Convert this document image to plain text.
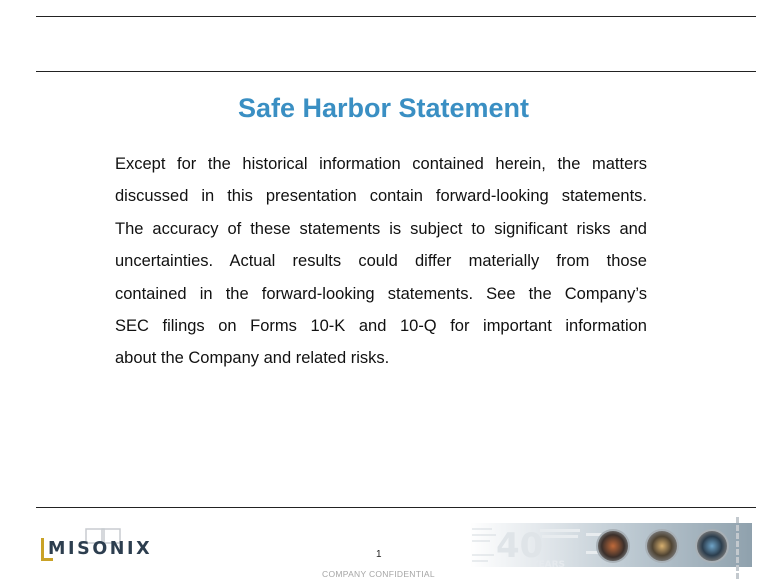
Safe Harbor Statement
Except for the historical information contained herein, the matters
discussed in this presentation contain forward-looking statements.
The accuracy of these statements is subject to significant risks and
uncertainties. Actual results could differ materially from those
contained in the forward-looking statements. See the Company’s
SEC filings on Forms 10-K and 10-Q for important information
about the Company and related risks.
MISONIX	1
COMPANY CONFIDENTIAL
40
YEARS
